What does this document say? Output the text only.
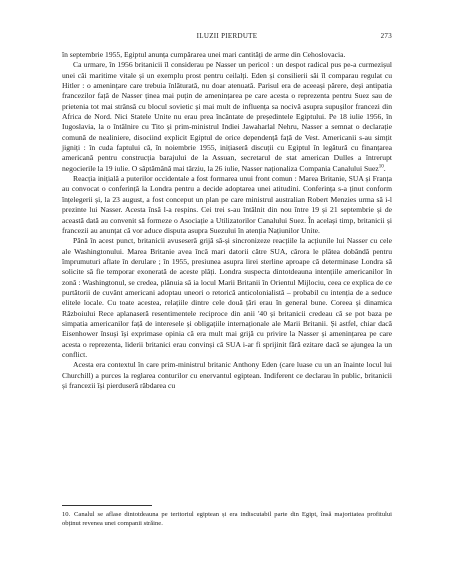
ILUZII PIERDUTE	273

în septembrie 1955, Egiptul anunța cumpărarea unei mari cantități de arme din Cehoslovacia.

Ca urmare, în 1956 britanicii îl considerau pe Nasser un pericol : un despot radical pus pe-a curmezișul unei căi maritime vitale și un exemplu prost pentru ceilalți. Eden și consilierii săi îl comparau regulat cu Hitler : o amenințare care trebuia înlăturată, nu doar atenuată. Parisul era de aceeași părere, deși antipatia francezilor față de Nasser ținea mai puțin de amenințarea pe care acesta o reprezenta pentru Suez sau de prietenia tot mai strânsă cu blocul sovietic și mai mult de influența sa nocivă asupra supușilor francezi din Africa de Nord. Nici Statele Unite nu erau prea încântate de președintele Egiptului. Pe 18 iulie 1956, în Iugoslavia, la o întâlnire cu Tito și prim-ministrul Indiei Jawaharlal Nehru, Nasser a semnat o declarație comună de nealiniere, disociind explicit Egiptul de orice dependență față de Vest. Americanii s-au simțit jigniți : în cuda faptului că, în noiembrie 1955, inițiaseră discuții cu Egiptul în legătură cu finanțarea americană pentru construcția barajului de la Assuan, secretarul de stat american Dulles a întrerupt negocierile la 19 iulie. O săptămână mai târziu, la 26 iulie, Nasser naționaliza Compania Canalului Suez$^{10}$.

Reacția inițială a puterilor occidentale a fost formarea unui front comun : Marea Britanie, SUA și Franța au convocat o conferință la Londra pentru a decide adoptarea unei atitudini. Conferința s-a ținut conform înțelegerii și, la 23 august, a fost conceput un plan pe care ministrul australian Robert Menzies urma să i-l prezinte lui Nasser. Acesta însă l-a respins. Cei trei s-au întâlnit din nou între 19 și 21 septembrie și de această dată au convenit să formeze o Asociație a Utilizatorilor Canalului Suez. În același timp, britanicii și francezii au anunțat că vor aduce disputa asupra Suezului în atenția Națiunilor Unite.

Până în acest punct, britanicii avuseseră grijă să-și sincronizeze reacțiile la acțiunile lui Nasser cu cele ale Washingtonului. Marea Britanie avea încă mari datorii către SUA, cărora le plătea dobândă pentru împrumuturi aflate în derulare ; în 1955, presiunea asupra lirei sterline aproape că determinase Londra să solicite să fie temporar exonerată de aceste plăți. Londra suspecta dintotdeauna intențiile americanilor în zonă : Washingtonul, se credea, plănuia să ia locul Marii Britanii în Orientul Mijlociu, ceea ce explica de ce purtătorii de cuvânt americani adoptau uneori o retorică anticolonialistă – probabil cu intenția de a seduce elitele locale. Cu toate acestea, relațiile dintre cele două țări erau în general bune. Coreea și dinamica Războiului Rece aplanaseră resentimentele reciproce din anii '40 și britanicii credeau că se pot baza pe simpatia americanilor față de interesele și obligațiile internaționale ale Marii Britanii. Și astfel, chiar dacă Eisenhower însuși își exprimase opinia că era mult mai grijă cu privire la Nasser și amenințarea pe care acesta o reprezenta, liderii britanici erau convinși că SUA i-ar fi sprijinit fără ezitare dacă se ajungea la un conflict.

Acesta era contextul în care prim-ministrul britanic Anthony Eden (care luase cu un an înainte locul lui Churchill) a purces la reglarea conturilor cu enervantul egiptean. Indiferent ce declarau în public, britanicii și francezii își pierduseră răbdarea cu

10. Canalul se aflase dintotdeauna pe teritoriul egiptean și era indiscutabil parte din Egipt, însă majoritatea profitului obținut revenea unei companii străine.
